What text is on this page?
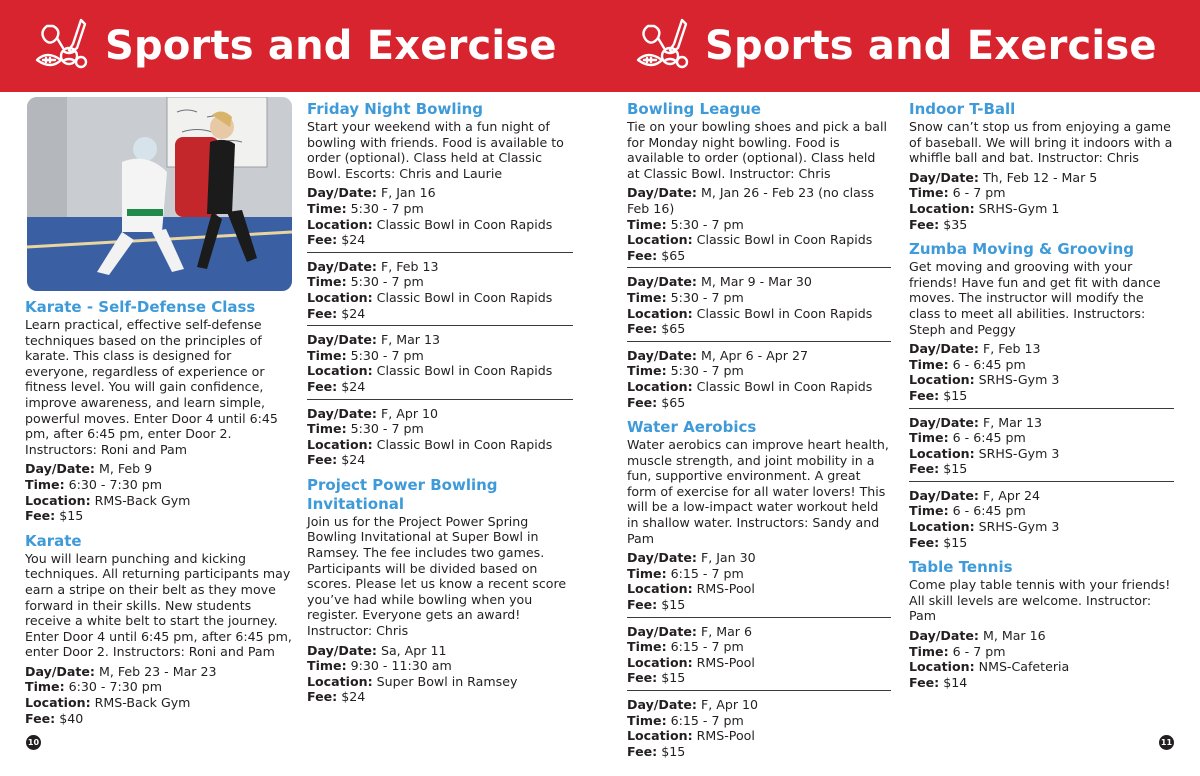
Sports and Exercise	Sports and Exercise
Karate - Self-Defense Class

Learn practical, effective self-defense techniques based on the principles of karate. This class is designed for everyone, regardless of experience or fitness level. You will gain confidence, improve awareness, and learn simple, powerful moves. Enter Door 4 until 6:45 pm, after 6:45 pm, enter Door 2. Instructors: Roni and Pam

Day/Date: M, Feb 9
Time: 6:30 - 7:30 pm
Location: RMS-Back Gym
Fee: $15
Karate

You will learn punching and kicking techniques. All returning participants may earn a stripe on their belt as they move forward in their skills. New students receive a white belt to start the journey. Enter Door 4 until 6:45 pm, after 6:45 pm, enter Door 2. Instructors: Roni and Pam

Day/Date: M, Feb 23 - Mar 23
Time: 6:30 - 7:30 pm
Location: RMS-Back Gym
Fee: $40
Friday Night Bowling

Start your weekend with a fun night of bowling with friends. Food is available to order (optional). Class held at Classic Bowl. Escorts: Chris and Laurie

Day/Date: F, Jan 16
Time: 5:30 - 7 pm
Location: Classic Bowl in Coon Rapids
Fee: $24
Day/Date: F, Feb 13
Time: 5:30 - 7 pm
Location: Classic Bowl in Coon Rapids
Fee: $24
Day/Date: F, Mar 13
Time: 5:30 - 7 pm
Location: Classic Bowl in Coon Rapids
Fee: $24
Day/Date: F, Apr 10
Time: 5:30 - 7 pm
Location: Classic Bowl in Coon Rapids
Fee: $24
Project Power Bowling Invitational

Join us for the Project Power Spring Bowling Invitational at Super Bowl in Ramsey. The fee includes two games. Participants will be divided based on scores. Please let us know a recent score you’ve had while bowling when you register. Everyone gets an award! Instructor: Chris

Day/Date: Sa, Apr 11
Time: 9:30 - 11:30 am
Location: Super Bowl in Ramsey
Fee: $24
Bowling League

Tie on your bowling shoes and pick a ball for Monday night bowling. Food is available to order (optional). Class held at Classic Bowl. Instructor: Chris

Day/Date: M, Jan 26 - Feb 23 (no class Feb 16)
Time: 5:30 - 7 pm
Location: Classic Bowl in Coon Rapids
Fee: $65
Day/Date: M, Mar 9 - Mar 30
Time: 5:30 - 7 pm
Location: Classic Bowl in Coon Rapids
Fee: $65
Day/Date: M, Apr 6 - Apr 27
Time: 5:30 - 7 pm
Location: Classic Bowl in Coon Rapids
Fee: $65
Water Aerobics

Water aerobics can improve heart health, muscle strength, and joint mobility in a fun, supportive environment. A great form of exercise for all water lovers! This will be a low-impact water workout held in shallow water. Instructors: Sandy and Pam

Day/Date: F, Jan 30
Time: 6:15 - 7 pm
Location: RMS-Pool
Fee: $15
Day/Date: F, Mar 6
Time: 6:15 - 7 pm
Location: RMS-Pool
Fee: $15
Day/Date: F, Apr 10
Time: 6:15 - 7 pm
Location: RMS-Pool
Fee: $15
Indoor T-Ball

Snow can’t stop us from enjoying a game of baseball. We will bring it indoors with a whiffle ball and bat. Instructor: Chris

Day/Date: Th, Feb 12 - Mar 5
Time: 6 - 7 pm
Location: SRHS-Gym 1
Fee: $35
Zumba Moving & Grooving

Get moving and grooving with your friends! Have fun and get fit with dance moves. The instructor will modify the class to meet all abilities. Instructors: Steph and Peggy

Day/Date: F, Feb 13
Time: 6 - 6:45 pm
Location: SRHS-Gym 3
Fee: $15
Day/Date: F, Mar 13
Time: 6 - 6:45 pm
Location: SRHS-Gym 3
Fee: $15
Day/Date: F, Apr 24
Time: 6 - 6:45 pm
Location: SRHS-Gym 3
Fee: $15
Table Tennis

Come play table tennis with your friends! All skill levels are welcome. Instructor: Pam

Day/Date: M, Mar 16
Time: 6 - 7 pm
Location: NMS-Cafeteria
Fee: $14
10	11
